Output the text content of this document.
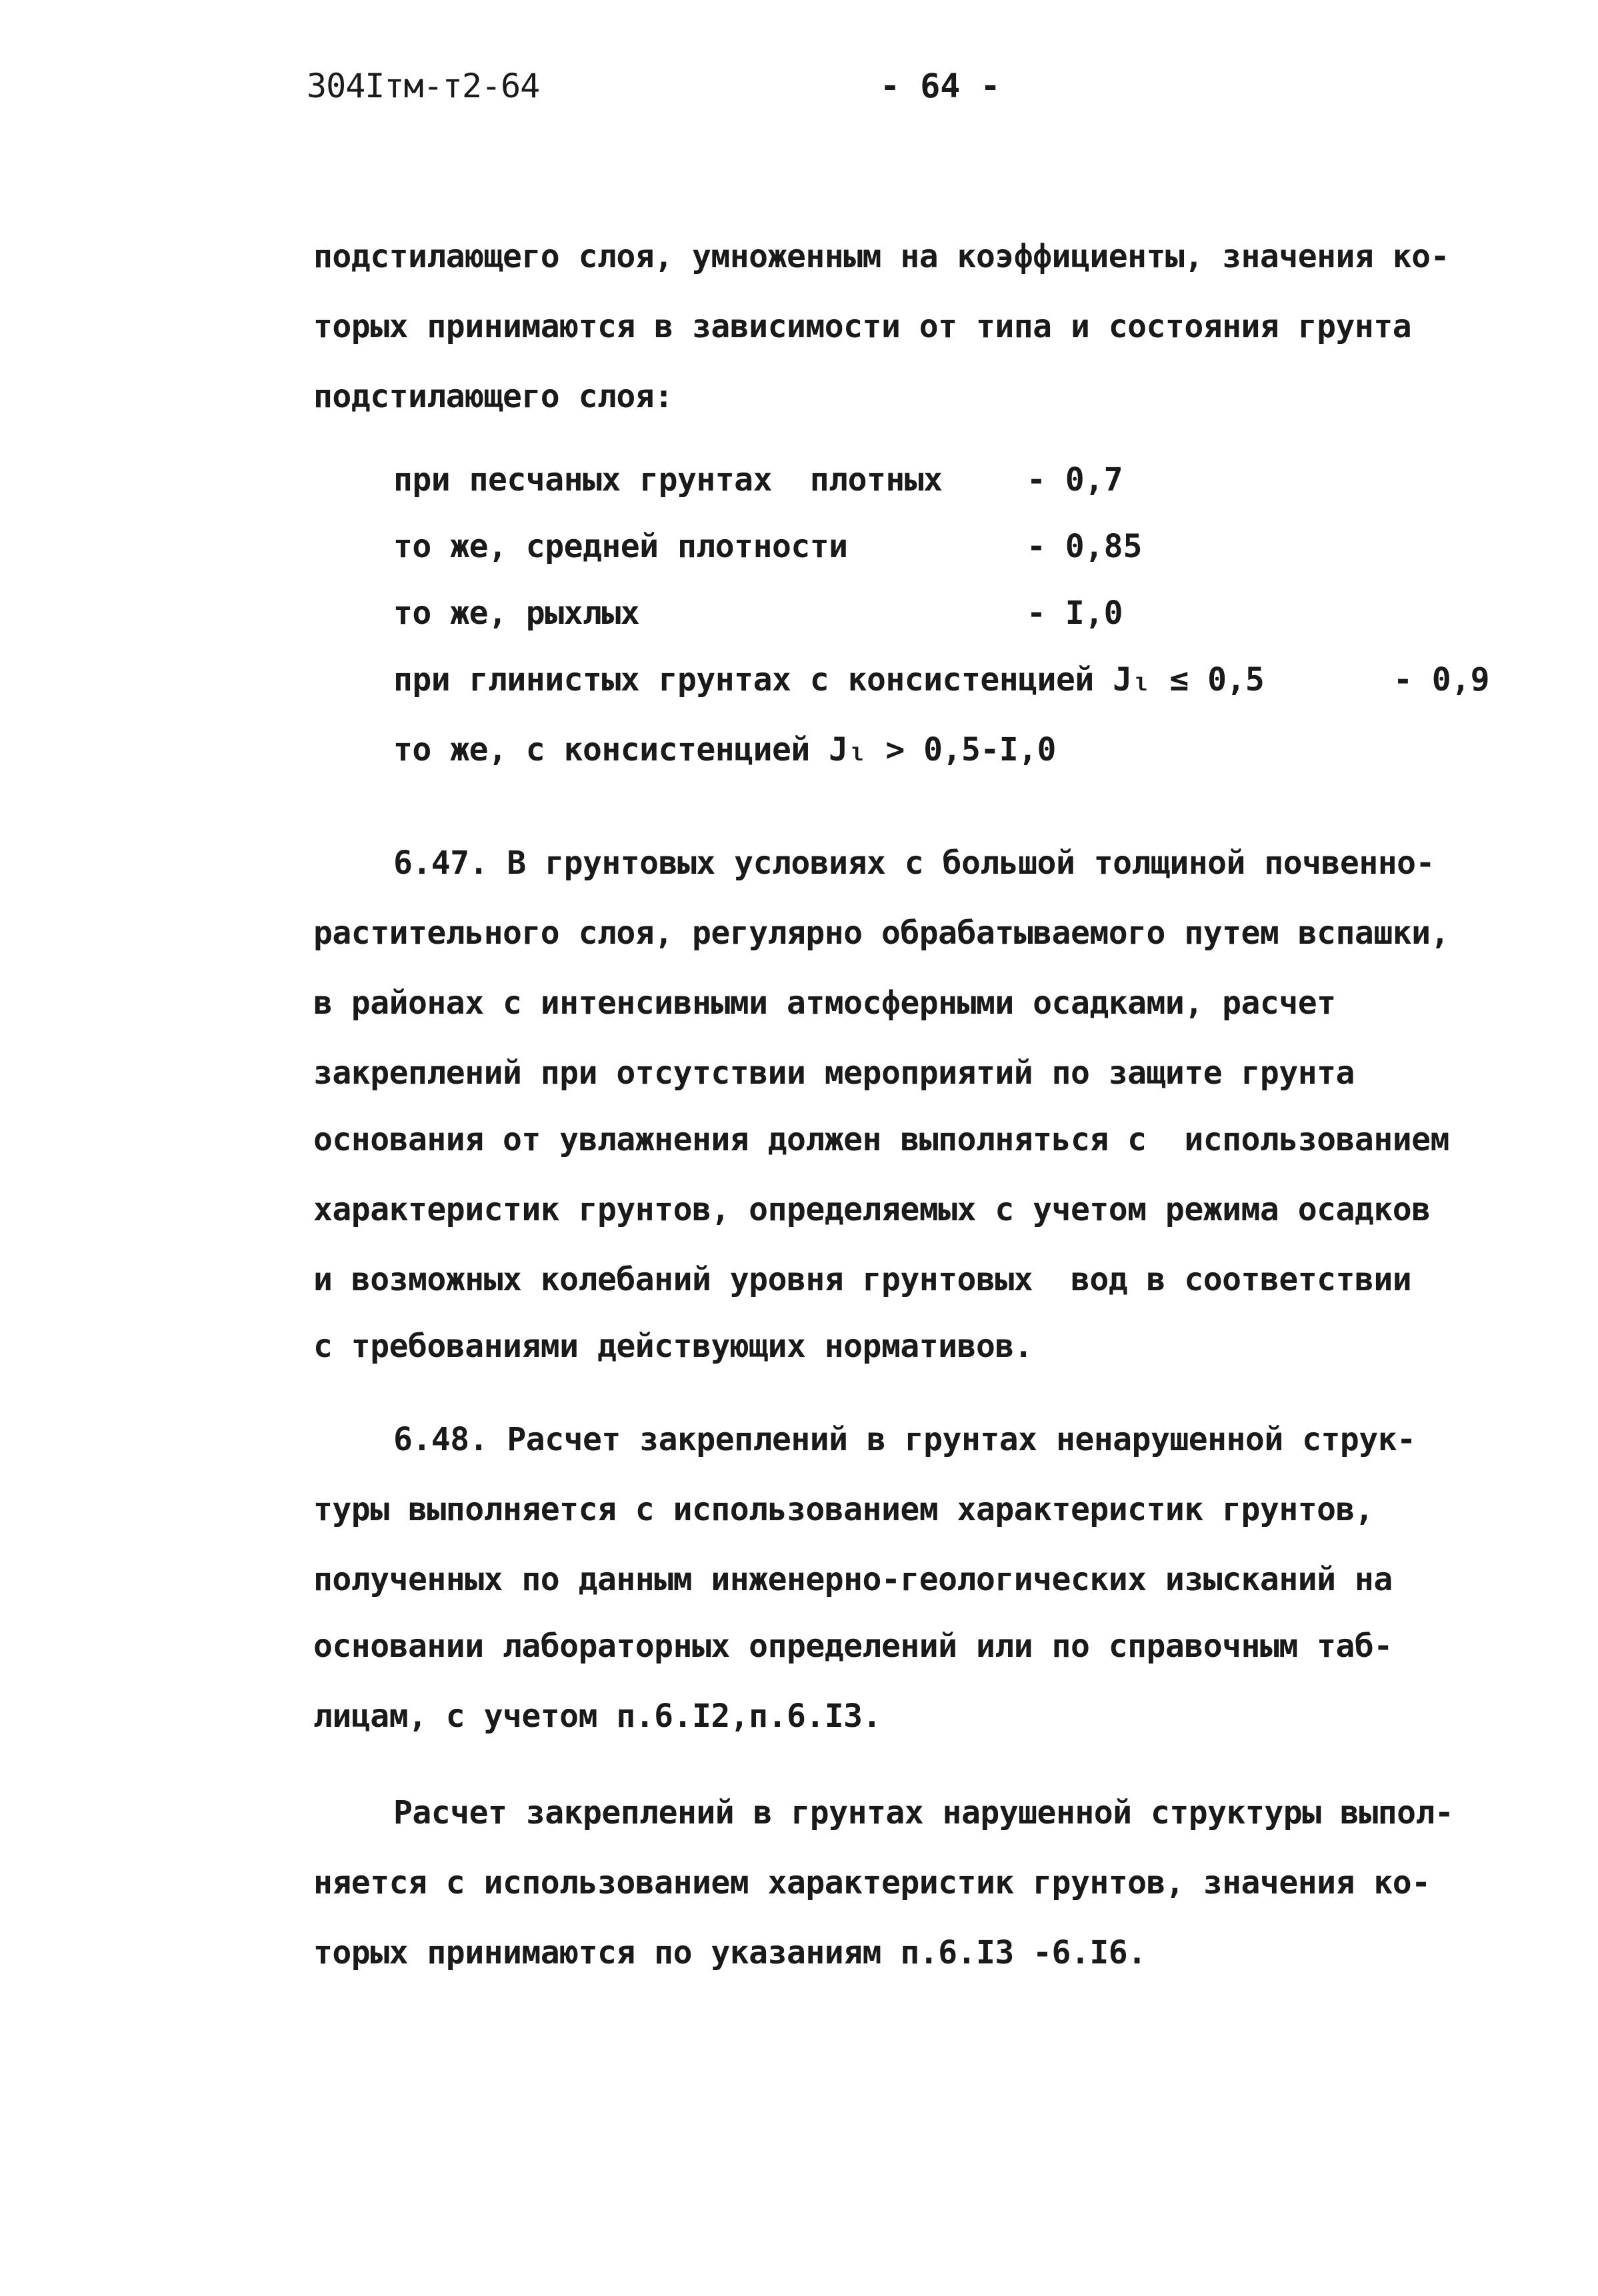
304Iтм-т2-64	- 64 -
подстилающего слоя, умноженным на коэффициенты, значения ко-
торых принимаются в зависимости от типа и состояния грунта
подстилающего слоя:
при песчаных грунтах  плотных	- 0,7
то же, средней плотности	- 0,85
то же, рыхлых	- I,0
при глинистых грунтах с консистенцией Jₗ ≤ 0,5	- 0,9
то же, с консистенцией Jₗ > 0,5-I,0
6.47. В грунтовых условиях с большой толщиной почвенно-
растительного слоя, регулярно обрабатываемого путем вспашки,
в районах с интенсивными атмосферными осадками, расчет
закреплений при отсутствии мероприятий по защите грунта
основания от увлажнения должен выполняться с  использованием
характеристик грунтов, определяемых с учетом режима осадков
и возможных колебаний уровня грунтовых  вод в соответствии
с требованиями действующих нормативов.
6.48. Расчет закреплений в грунтах ненарушенной струк-
туры выполняется с использованием характеристик грунтов,
полученных по данным инженерно-геологических изысканий на
основании лабораторных определений или по справочным таб-
лицам, с учетом п.6.I2,п.6.I3.
Расчет закреплений в грунтах нарушенной структуры выпол-
няется с использованием характеристик грунтов, значения ко-
торых принимаются по указаниям п.6.I3 -6.I6.
